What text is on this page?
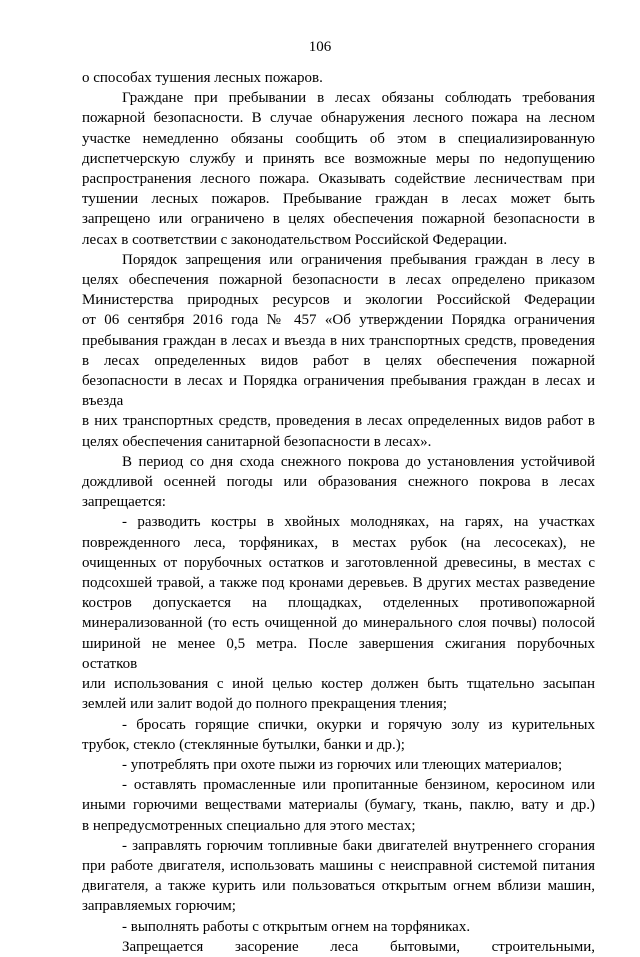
106
о способах тушения лесных пожаров.
Граждане при пребывании в лесах обязаны соблюдать требования
пожарной безопасности. В случае обнаружения лесного пожара на лесном
участке немедленно обязаны сообщить об этом в специализированную
диспетчерскую службу и принять все возможные меры по недопущению
распространения лесного пожара. Оказывать содействие лесничествам при
тушении лесных пожаров. Пребывание граждан в лесах может быть
запрещено или ограничено в целях обеспечения пожарной безопасности в
лесах в соответствии с законодательством Российской Федерации.
Порядок запрещения или ограничения пребывания граждан в лесу в
целях обеспечения пожарной безопасности в лесах определено приказом
Министерства природных ресурсов и экологии Российской Федерации
от 06 сентября 2016 года № 457 «Об утверждении Порядка ограничения
пребывания граждан в лесах и въезда в них транспортных средств, проведения
в лесах определенных видов работ в целях обеспечения пожарной
безопасности в лесах и Порядка ограничения пребывания граждан в лесах и
въезда
в них транспортных средств, проведения в лесах определенных видов работ в
целях обеспечения санитарной безопасности в лесах».
В период со дня схода снежного покрова до установления устойчивой
дождливой осенней погоды или образования снежного покрова в лесах
запрещается:
- разводить костры в хвойных молодняках, на гарях, на участках
поврежденного леса, торфяниках, в местах рубок (на лесосеках), не
очищенных от порубочных остатков и заготовленной древесины, в местах с
подсохшей травой, а также под кронами деревьев. В других местах разведение
костров допускается на площадках, отделенных противопожарной
минерализованной (то есть очищенной до минерального слоя почвы) полосой
шириной не менее 0,5 метра. После завершения сжигания порубочных
остатков
или использования с иной целью костер должен быть тщательно засыпан
землей или залит водой до полного прекращения тления;
- бросать горящие спички, окурки и горячую золу из курительных
трубок, стекло (стеклянные бутылки, банки и др.);
- употреблять при охоте пыжи из горючих или тлеющих материалов;
- оставлять промасленные или пропитанные бензином, керосином или
иными горючими веществами материалы (бумагу, ткань, паклю, вату и др.)
в непредусмотренных специально для этого местах;
- заправлять горючим топливные баки двигателей внутреннего сгорания
при работе двигателя, использовать машины с неисправной системой питания
двигателя, а также курить или пользоваться открытым огнем вблизи машин,
заправляемых горючим;
- выполнять работы с открытым огнем на торфяниках.
Запрещается засорение леса бытовыми, строительными,
